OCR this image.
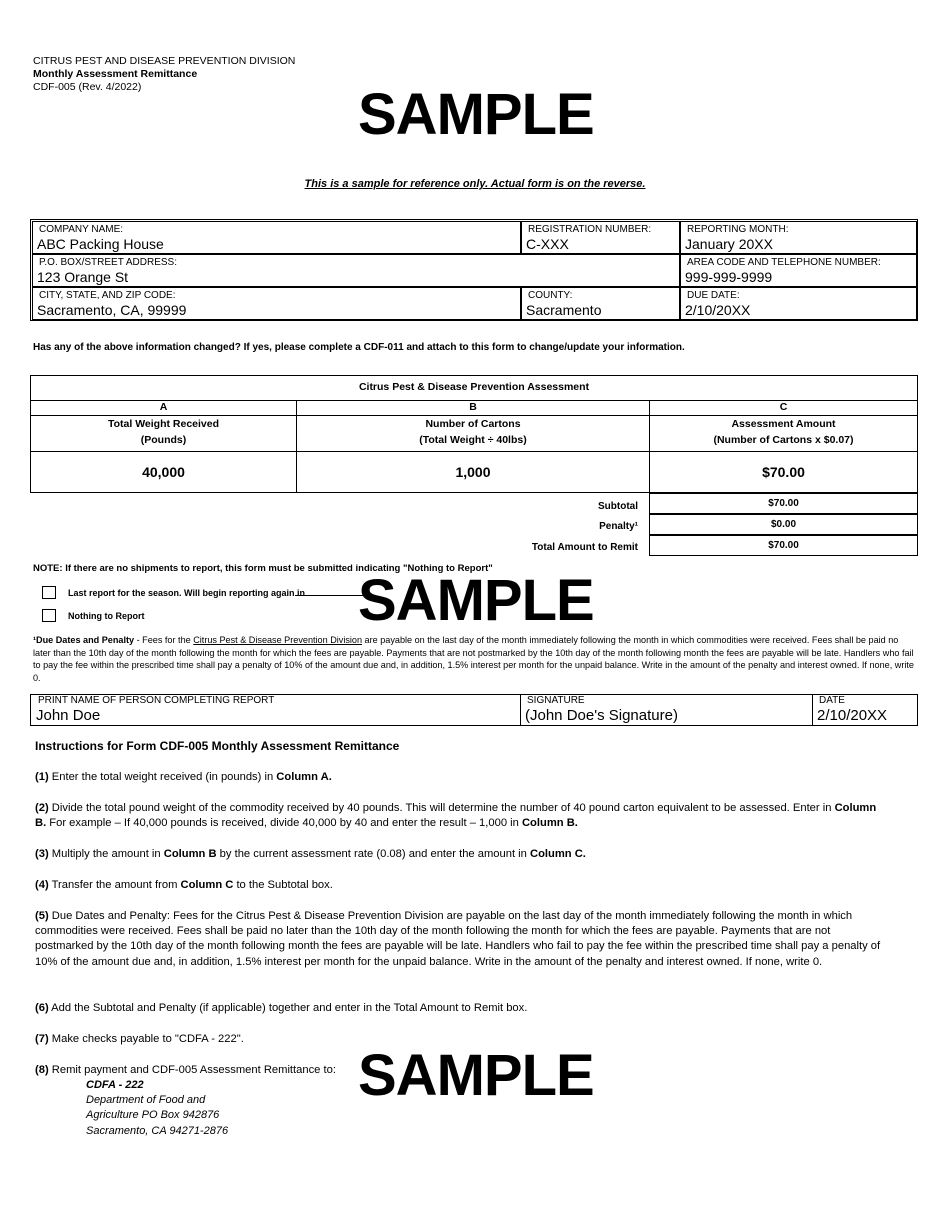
CITRUS PEST AND DISEASE PREVENTION DIVISION
Monthly Assessment Remittance
CDF-005 (Rev. 4/2022)	SAMPLE
This is a sample for reference only. Actual form is on the reverse.
COMPANY NAME:
ABC Packing House
REGISTRATION NUMBER:
C-XXX
REPORTING MONTH:
January 20XX
P.O. BOX/STREET ADDRESS:
123 Orange St
AREA CODE AND TELEPHONE NUMBER:
999-999-9999
CITY, STATE, AND ZIP CODE:
Sacramento, CA, 99999
COUNTY:
Sacramento
DUE DATE:
2/10/20XX
Has any of the above information changed? If yes, please complete a CDF-011 and attach to this form to change/update your information.
Citrus Pest & Disease Prevention Assessment
A	B	C
Total Weight Received
(Pounds)
Number of Cartons
(Total Weight ÷ 40lbs)
Assessment Amount
(Number of Cartons x $0.07)
40,000	1,000	$70.00
Subtotal	$70.00
Penalty¹	$0.00
Total Amount to Remit	$70.00
NOTE: If there are no shipments to report, this form must be submitted indicating "Nothing to Report"
Last report for the season. Will begin reporting again in
Nothing to Report	SAMPLE
¹Due Dates and Penalty - Fees for the Citrus Pest & Disease Prevention Division are payable on the last day of the month immediately following the month in which commodities were received. Fees shall be paid no later than the 10th day of the month following the month for which the fees are payable. Payments that are not postmarked by the 10th day of the month following month the fees are payable will be late. Handlers who fail to pay the fee within the prescribed time shall pay a penalty of 10% of the amount due and, in addition, 1.5% interest per month for the unpaid balance. Write in the amount of the penalty and interest owned. If none, write 0.
PRINT NAME OF PERSON COMPLETING REPORT
John Doe
SIGNATURE
(John Doe's Signature)
DATE
2/10/20XX
Instructions for Form CDF-005 Monthly Assessment Remittance
(1) Enter the total weight received (in pounds) in Column A.
(2) Divide the total pound weight of the commodity received by 40 pounds. This will determine the number of 40 pound carton equivalent to be assessed. Enter in Column B. For example – If 40,000 pounds is received, divide 40,000 by 40 and enter the result – 1,000 in Column B.
(3) Multiply the amount in Column B by the current assessment rate (0.08) and enter the amount in Column C.
(4) Transfer the amount from Column C to the Subtotal box.
(5) Due Dates and Penalty: Fees for the Citrus Pest & Disease Prevention Division are payable on the last day of the month immediately following the month in which commodities were received. Fees shall be paid no later than the 10th day of the month following the month for which the fees are payable. Payments that are not postmarked by the 10th day of the month following month the fees are payable will be late. Handlers who fail to pay the fee within the prescribed time shall pay a penalty of 10% of the amount due and, in addition, 1.5% interest per month for the unpaid balance. Write in the amount of the penalty and interest owned. If none, write 0.
(6) Add the Subtotal and Penalty (if applicable) together and enter in the Total Amount to Remit box.
(7) Make checks payable to "CDFA - 222".
(8) Remit payment and CDF-005 Assessment Remittance to:
CDFA - 222
Department of Food and
Agriculture PO Box 942876
Sacramento, CA 94271-2876
SAMPLE
